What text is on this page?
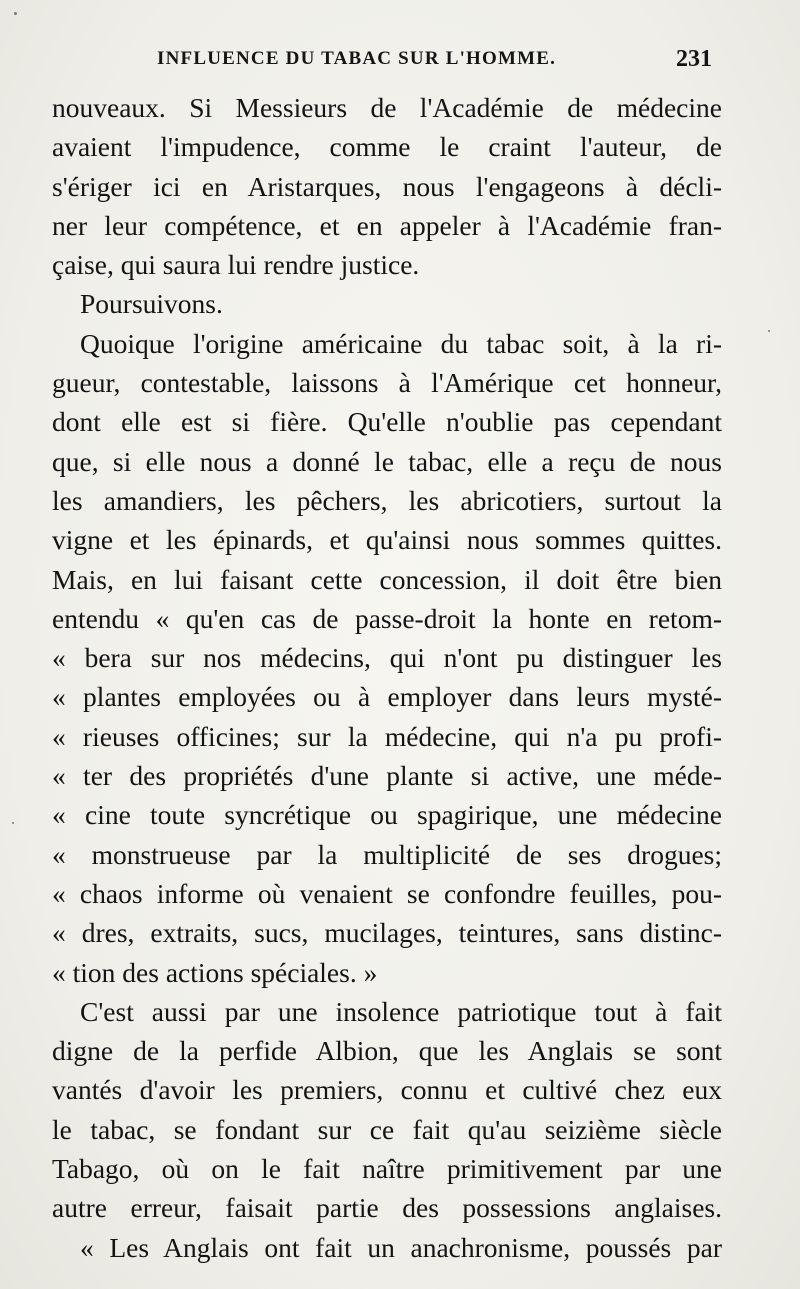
INFLUENCE DU TABAC SUR L'HOMME.	231
nouveaux. Si Messieurs de l'Académie de médecine
avaient l'impudence, comme le craint l'auteur, de
s'ériger ici en Aristarques, nous l'engageons à décli-
ner leur compétence, et en appeler à l'Académie fran-
çaise, qui saura lui rendre justice.
Poursuivons.
Quoique l'origine américaine du tabac soit, à la ri-
gueur, contestable, laissons à l'Amérique cet honneur,
dont elle est si fière. Qu'elle n'oublie pas cependant
que, si elle nous a donné le tabac, elle a reçu de nous
les amandiers, les pêchers, les abricotiers, surtout la
vigne et les épinards, et qu'ainsi nous sommes quittes.
Mais, en lui faisant cette concession, il doit être bien
entendu « qu'en cas de passe-droit la honte en retom-
« bera sur nos médecins, qui n'ont pu distinguer les
« plantes employées ou à employer dans leurs mysté-
« rieuses officines; sur la médecine, qui n'a pu profi-
« ter des propriétés d'une plante si active, une méde-
« cine toute syncrétique ou spagirique, une médecine
« monstrueuse par la multiplicité de ses drogues;
« chaos informe où venaient se confondre feuilles, pou-
« dres, extraits, sucs, mucilages, teintures, sans distinc-
« tion des actions spéciales. »
C'est aussi par une insolence patriotique tout à fait
digne de la perfide Albion, que les Anglais se sont
vantés d'avoir les premiers, connu et cultivé chez eux
le tabac, se fondant sur ce fait qu'au seizième siècle
Tabago, où on le fait naître primitivement par une
autre erreur, faisait partie des possessions anglaises.
« Les Anglais ont fait un anachronisme, poussés par
